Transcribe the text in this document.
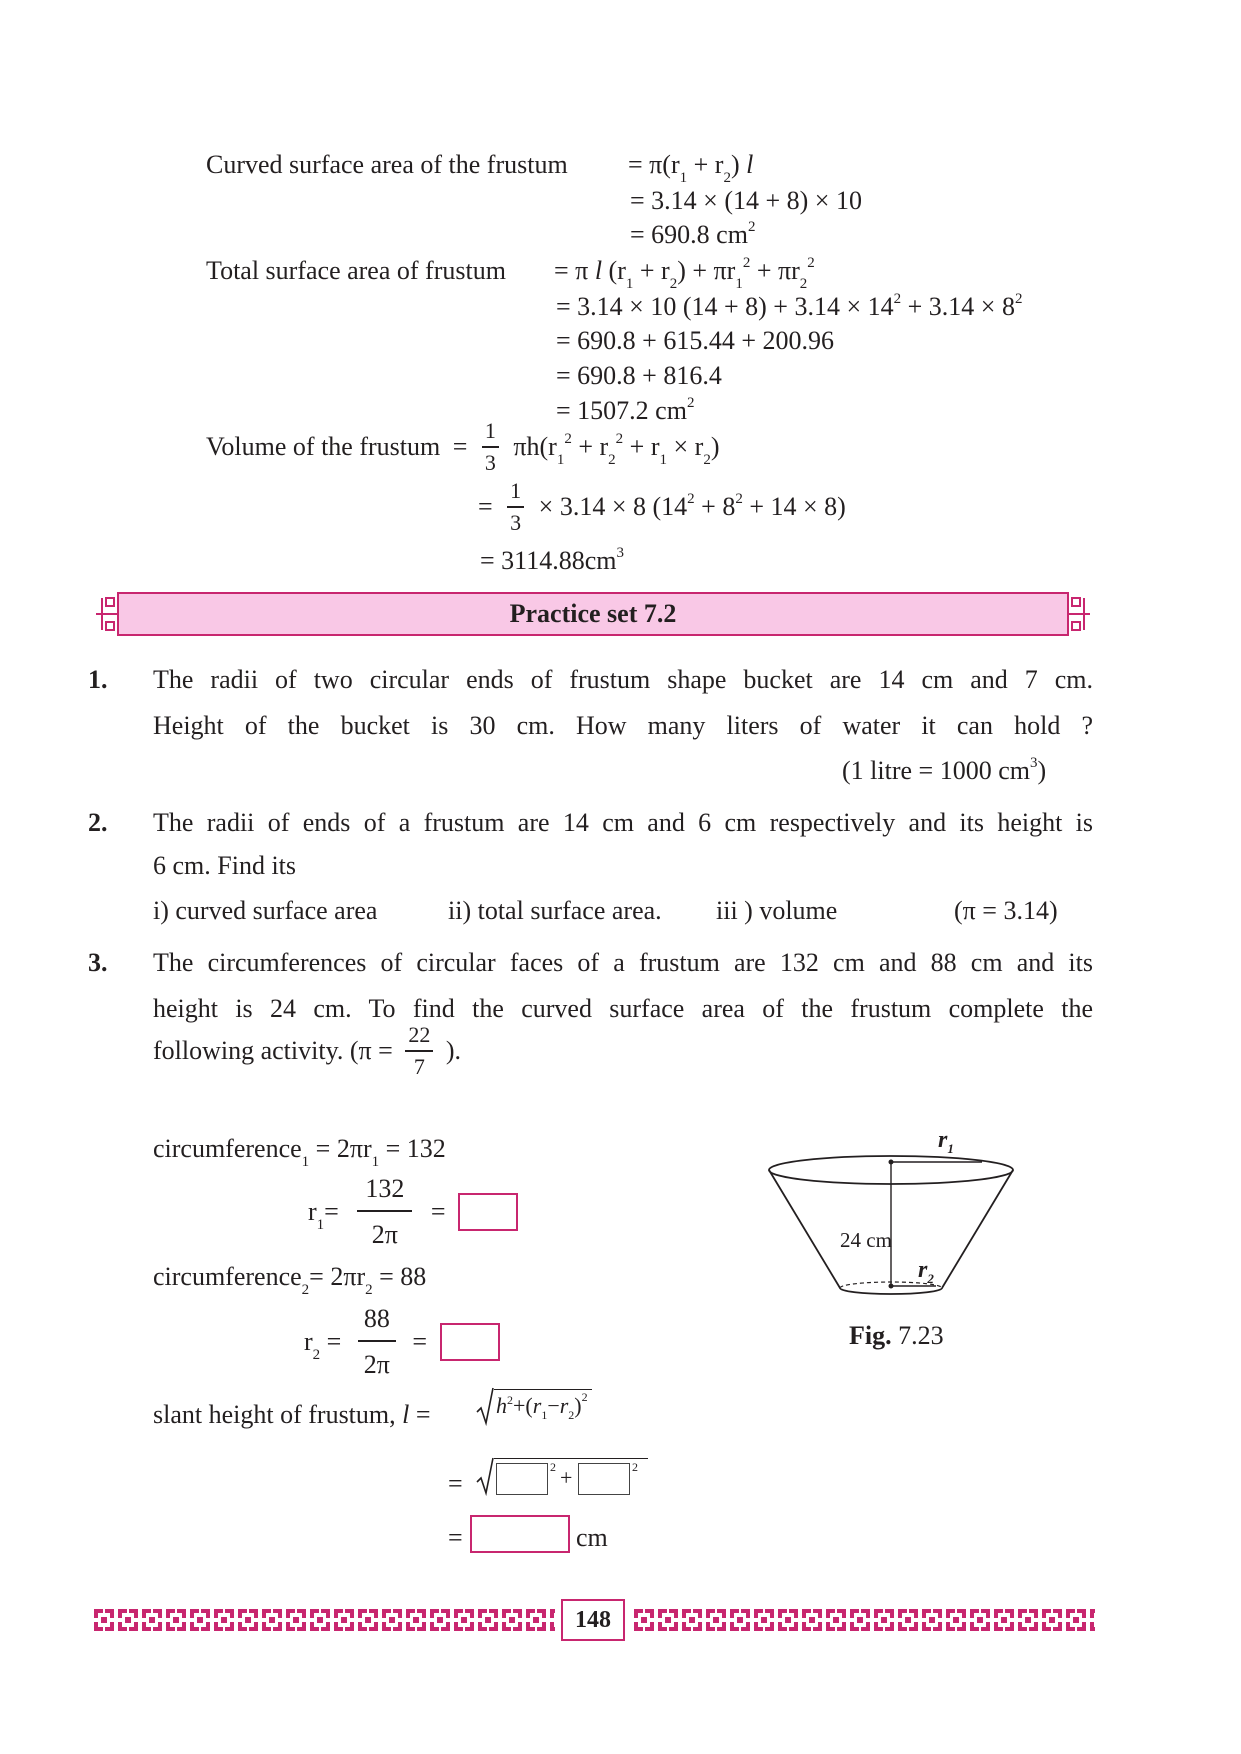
Curved surface area of the frustum = $\pi(r_1 + r_2)$ l
= 3.14 × (14 + 8) × 10
= 690.8 $cm^2$
Total surface area of frustum = π l $(r_1 + r_2) + \pi r_1^2 + \pi r_2^2$
= 3.14 × 10 $(14 + 8) + 3.14 \times 14^2 + 3.14 \times 8^2$
= 690.8 + 615.44 + 200.96
= 690.8 + 816.4
= 1507.2 $cm^2$
Volume of the frustum = $\frac{1}{3} \pi h(r_1^2 + r_2^2 + r_1 \times r_2)$
= $\frac{1}{3} \times 3.14 \times 8$ $(14^2 + 8^2 + 14 \times 8)$
= $3114.88cm^3$
Practice set 7.2
1. The radii of two circular ends of frustum shape bucket are 14 cm and 7 cm.
Height of the bucket is 30 cm. How many liters of water it can hold ?
(1 litre = 1000 $cm^3$)
2. The radii of ends of a frustum are 14 cm and 6 cm respectively and its height is
6 cm. Find its
i) curved surface area	ii) total surface area. iii ) volume	(π = 3.14)
3. The circumferences of circular faces of a frustum are 132 cm and 88 cm and its
height is 24 cm. To find the curved surface area of the frustum complete the
following activity. ($\pi = \frac{22}{7}$ ).
circumference$_1$ = $2\pi r_1 = 132$
$r_1= \frac{132}{2\pi}$ =
circumference$_2$= $2\pi r_2 = 88$
$r_2 = \frac{88}{2\pi}$ =
slant height of frustum, l =	$h^2+(r_1-r_2)^2$
=
2 +	2
=	cm
$r_1$
24 cm
$r_2$
Fig. 7.23
148
